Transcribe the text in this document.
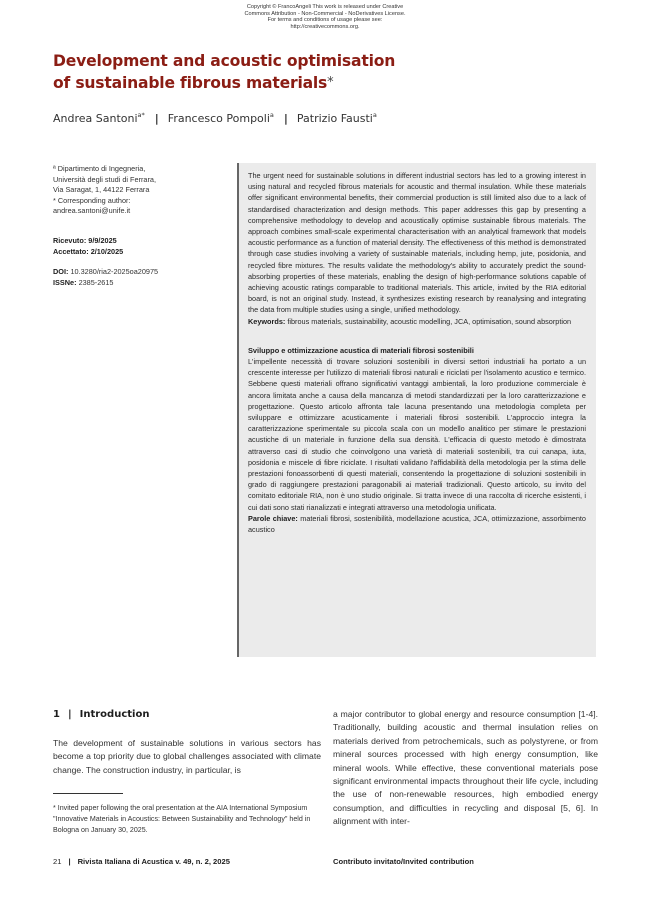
Copyright © FrancoAngeli This work is released under Creative
Commons Attribution - Non-Commercial - NoDerivatives License.
For terms and conditions of usage please see:
http://creativecommons.org.
Development and acoustic optimisation
of sustainable fibrous materials*
Andrea Santoni$^{a*}$ | Francesco Pompoli$^a$ | Patrizio Fausti$^a$
ª Dipartimento di Ingegneria,
Università degli studi di Ferrara,
Via Saragat, 1, 44122 Ferrara
* Corresponding author:
andrea.santoni@unife.it
Ricevuto: 9/9/2025
Accettato: 2/10/2025
DOI: 10.3280/ria2-2025oa20975
ISSNe: 2385-2615

The urgent need for sustainable solutions in different industrial sectors has led to a growing interest in using natural and recycled fibrous materials for acoustic and thermal insulation. While these materials offer significant environmental benefits, their commercial production is still limited also due to a lack of standardised characterization and design methods. This paper addresses this gap by presenting a comprehensive methodology to develop and acoustically optimise sustainable fibrous materials. The approach combines small-scale experimental characterisation with an analytical framework that models acoustic performance as a function of material density. The effectiveness of this method is demonstrated through case studies involving a variety of sustainable materials, including hemp, jute, posidonia, and recycled fibre mixtures. The results validate the methodology's ability to accurately predict the sound-absorbing properties of these materials, enabling the design of high-performance solutions capable of achieving acoustic ratings comparable to traditional materials. This article, invited by the RIA editorial board, is not an original study. Instead, it synthesizes existing research by reanalysing and integrating the data from multiple studies using a single, unified methodology.

Keywords: fibrous materials, sustainability, acoustic modelling, JCA, optimisation, sound absorption

Sviluppo e ottimizzazione acustica di materiali fibrosi sostenibili

L'impellente necessità di trovare soluzioni sostenibili in diversi settori industriali ha portato a un crescente interesse per l'utilizzo di materiali fibrosi naturali e riciclati per l'isolamento acustico e termico. Sebbene questi materiali offrano significativi vantaggi ambientali, la loro produzione commerciale è ancora limitata anche a causa della mancanza di metodi standardizzati per la loro caratterizzazione e progettazione. Questo articolo affronta tale lacuna presentando una metodologia completa per sviluppare e ottimizzare acusticamente i materiali fibrosi sostenibili. L'approccio integra la caratterizzazione sperimentale su piccola scala con un modello analitico per stimare le prestazioni acustiche di un materiale in funzione della sua densità. L'efficacia di questo metodo è dimostrata attraverso casi di studio che coinvolgono una varietà di materiali sostenibili, tra cui canapa, iuta, posidonia e miscele di fibre riciclate. I risultati validano l'affidabilità della metodologia per la stima delle prestazioni fonoassorbenti di questi materiali, consentendo la progettazione di soluzioni sostenibili in grado di raggiungere prestazioni paragonabili ai materiali tradizionali. Questo articolo, su invito del comitato editoriale RIA, non è uno studio originale. Si tratta invece di una raccolta di ricerche esistenti, i cui dati sono stati rianalizzati e integrati attraverso una metodologia unificata.

Parole chiave: materiali fibrosi, sostenibilità, modellazione acustica, JCA, ottimizzazione, assorbimento acustico

1 | Introduction

The development of sustainable solutions in various sectors has become a top priority due to global challenges associated with climate change. The construction industry, in particular, is

a major contributor to global energy and resource consumption [1-4]. Traditionally, building acoustic and thermal insulation relies on materials derived from petrochemicals, such as polystyrene, or from mineral sources processed with high energy consumption, like mineral wools. While effective, these conventional materials pose significant environmental impacts throughout their life cycle, including the use of non-renewable resources, high embodied energy consumption, and difficulties in recycling and disposal [5, 6]. In alignment with inter-

* Invited paper following the oral presentation at the AIA International Symposium "Innovative Materials in Acoustics: Between Sustainability and Technology" held in Bologna on January 30, 2025.

21 | Rivista Italiana di Acustica v. 49, n. 2, 2025	Contributo invitato/Invited contribution
